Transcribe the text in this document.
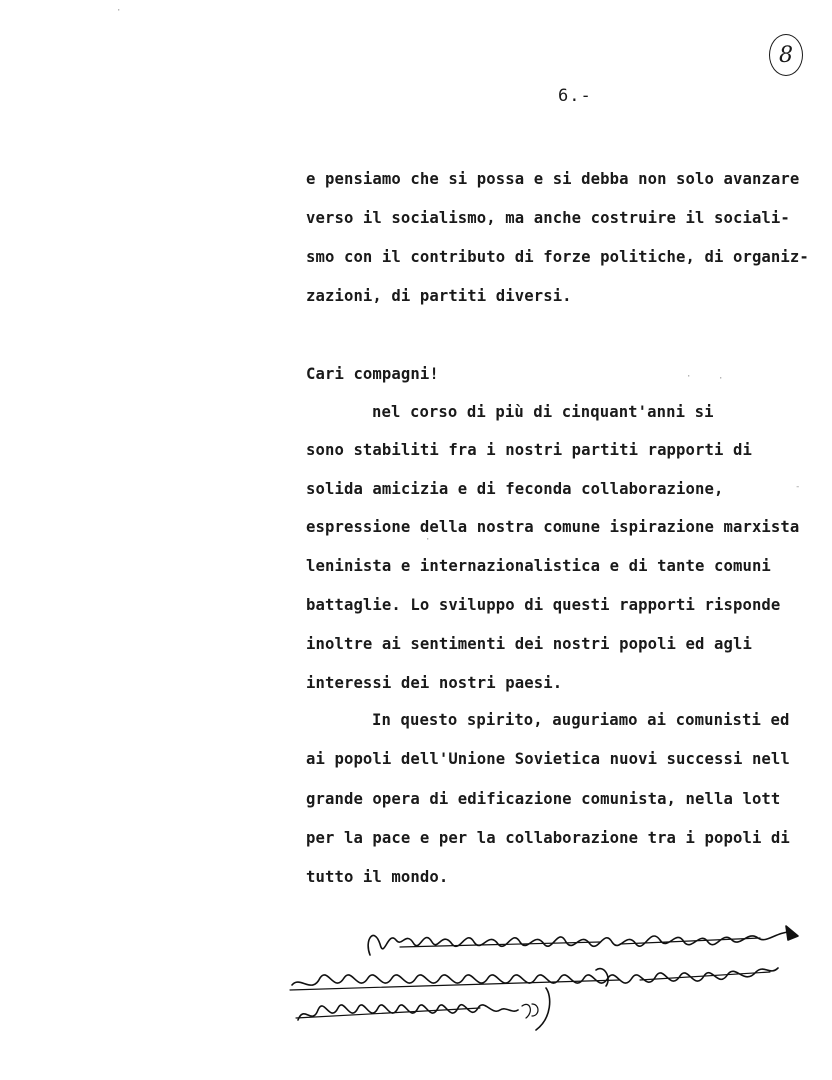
8
6.-
e pensiamo che si possa e si debba non solo avanzare
verso il socialismo, ma anche costruire il sociali-
smo con il contributo di forze politiche, di organiz-
zazioni, di partiti diversi.
Cari compagni!
nel corso di più di cinquant'anni si
sono stabiliti fra i nostri partiti rapporti di
solida amicizia e di feconda collaborazione,
espressione della nostra comune ispirazione marxista
leninista e internazionalistica e di tante comuni
battaglie. Lo sviluppo di questi rapporti risponde
inoltre ai sentimenti dei nostri popoli ed agli
interessi dei nostri paesi.
In questo spirito, auguriamo ai comunisti ed
ai popoli dell'Unione Sovietica nuovi successi nell
grande opera di edificazione comunista, nella lott
per la pace e per la collaborazione tra i popoli di
tutto il mondo.
·	·
·
-
·
